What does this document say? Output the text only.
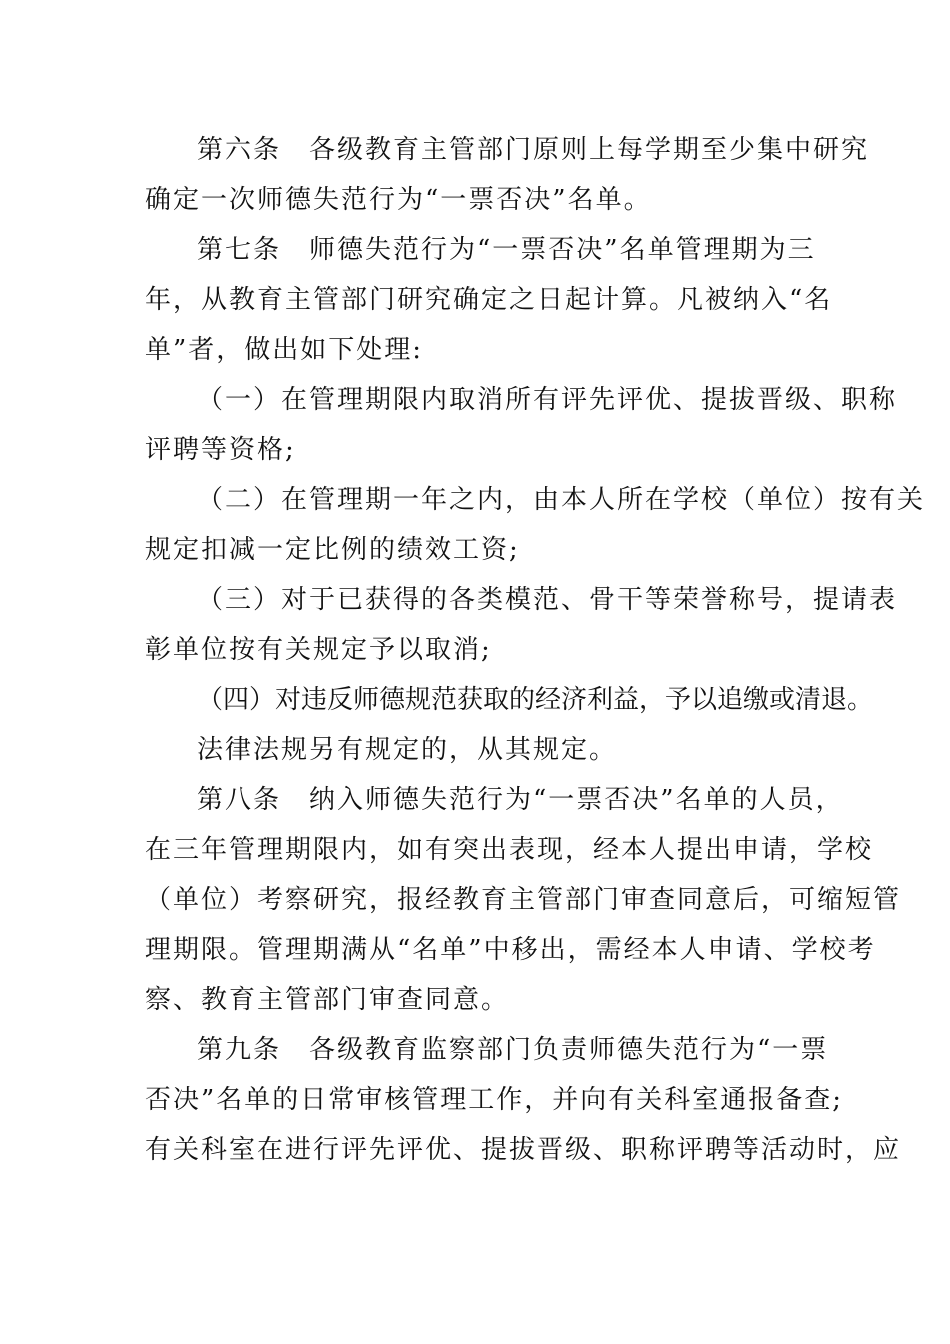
第六条　各级教育主管部门原则上每学期至少集中研究
确定一次师德失范行为“一票否决”名单。
第七条　师德失范行为“一票否决”名单管理期为三
年，从教育主管部门研究确定之日起计算。凡被纳入“名
单”者，做出如下处理:
（一）在管理期限内取消所有评先评优、提拔晋级、职称
评聘等资格;
（二）在管理期一年之内，由本人所在学校（单位）按有关
规定扣减一定比例的绩效工资;
（三）对于已获得的各类模范、骨干等荣誉称号，提请表
彰单位按有关规定予以取消;
（四）对违反师德规范获取的经济利益，予以追缴或清退。
法律法规另有规定的，从其规定。
第八条　纳入师德失范行为“一票否决”名单的人员，
在三年管理期限内，如有突出表现，经本人提出申请，学校
（单位）考察研究，报经教育主管部门审查同意后，可缩短管
理期限。管理期满从“名单”中移出，需经本人申请、学校考
察、教育主管部门审查同意。
第九条　各级教育监察部门负责师德失范行为“一票
否决”名单的日常审核管理工作，并向有关科室通报备查;
有关科室在进行评先评优、提拔晋级、职称评聘等活动时，应
